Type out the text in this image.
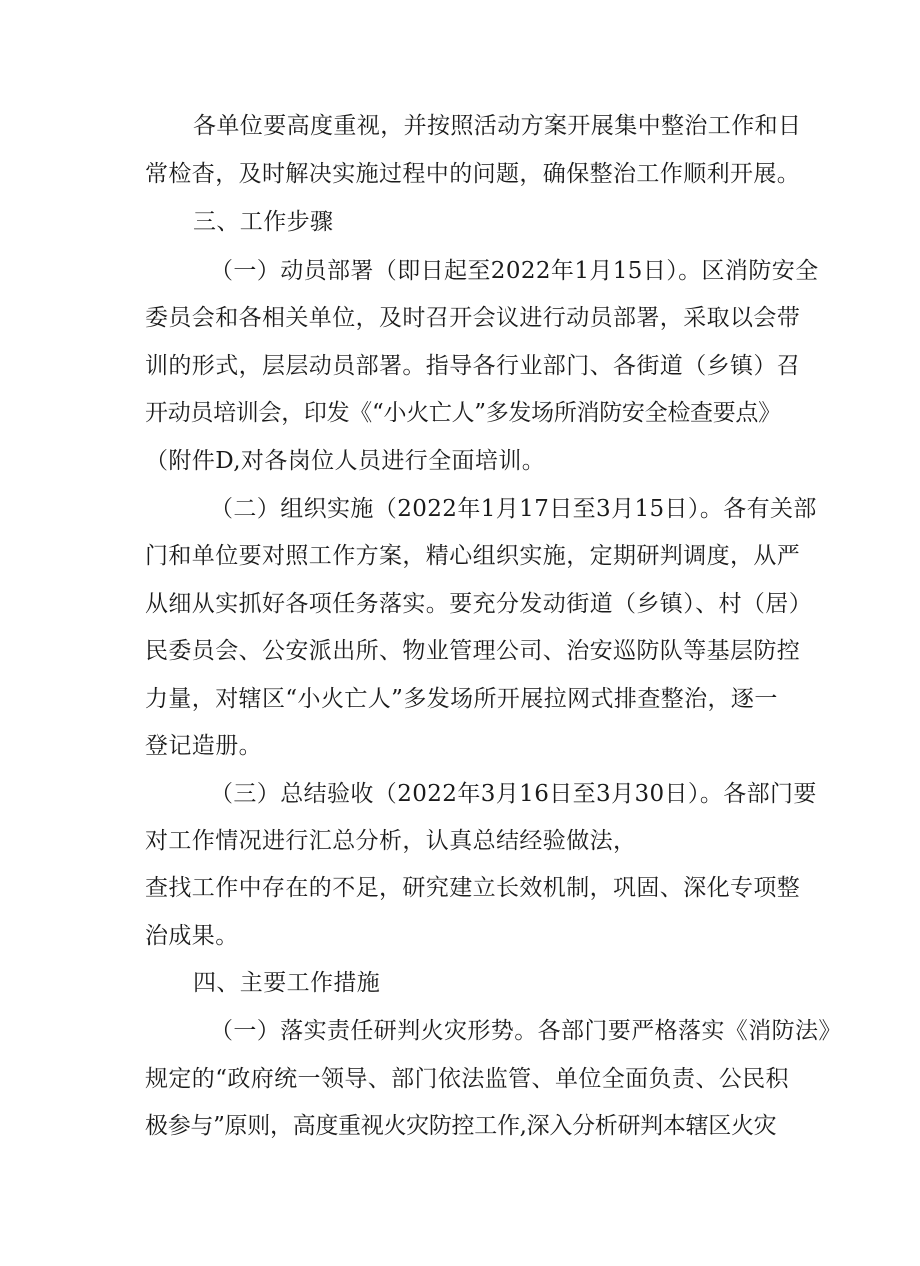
各单位要高度重视，并按照活动方案开展集中整治工作和日
常检杳，及时解决实施过程中的问题，确保整治工作顺利开展。
三、工作步骤
（一）动员部署（即日起至2022年1月15日）。区消防安全
委员会和各相关单位，及时召开会议进行动员部署，采取以会带
训的形式，层层动员部署。指导各行业部门、各街道（乡镇）召
开动员培训会，印发《“小火亡人”多发场所消防安全检查要点》
（附件D,对各岗位人员进行全面培训。
（二）组织实施（2022年1月17日至3月15日）。各有关部
门和单位要对照工作方案，精心组织实施，定期研判调度，从严
从细从实抓好各项任务落实。要充分发动街道（乡镇）、村（居）
民委员会、公安派出所、物业管理公司、治安巡防队等基层防控
力量，对辖区“小火亡人”多发场所开展拉网式排查整治，逐一
登记造册。
（三）总结验收（2022年3月16日至3月30日）。各部门要
对工作情况进行汇总分析，认真总结经验做法，
查找工作中存在的不足，研究建立长效机制，巩固、深化专项整
治成果。
四、主要工作措施
（一）落实责任研判火灾形势。各部门要严格落实《消防法》
规定的“政府统一领导、部门依法监管、单位全面负责、公民积
极参与”原则，高度重视火灾防控工作,深入分析研判本辖区火灾
